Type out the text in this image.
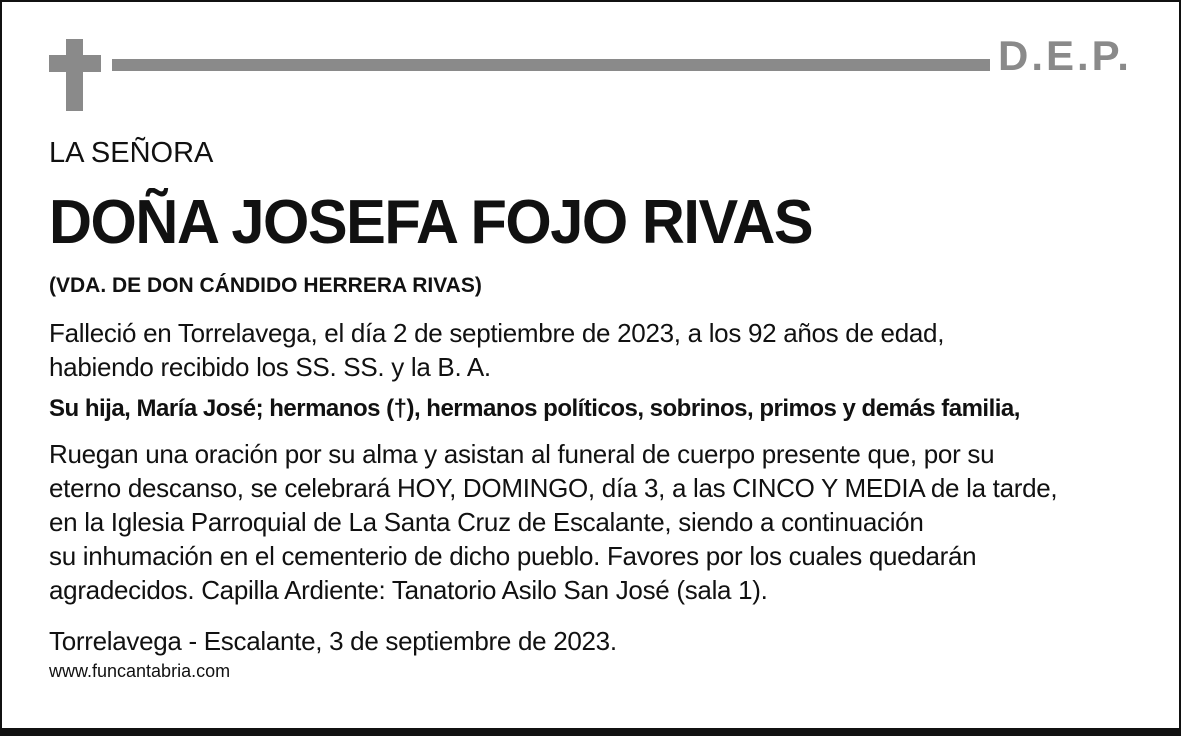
D.E.P.
LA SEÑORA
DOÑA JOSEFA FOJO RIVAS
(VDA. DE DON CÁNDIDO HERRERA RIVAS)
Falleció en Torrelavega, el día 2 de septiembre de 2023, a los 92 años de edad,
habiendo recibido los SS. SS. y la B. A.
Su hija, María José; hermanos (†), hermanos políticos, sobrinos, primos y demás familia,
Ruegan una oración por su alma y asistan al funeral de cuerpo presente que, por su
eterno descanso, se celebrará HOY, DOMINGO, día 3, a las CINCO Y MEDIA de la tarde,
en la Iglesia Parroquial de La Santa Cruz de Escalante, siendo a continuación
su inhumación en el cementerio de dicho pueblo. Favores por los cuales quedarán
agradecidos. Capilla Ardiente: Tanatorio Asilo San José (sala 1).
Torrelavega - Escalante, 3 de septiembre de 2023.
www.funcantabria.com
